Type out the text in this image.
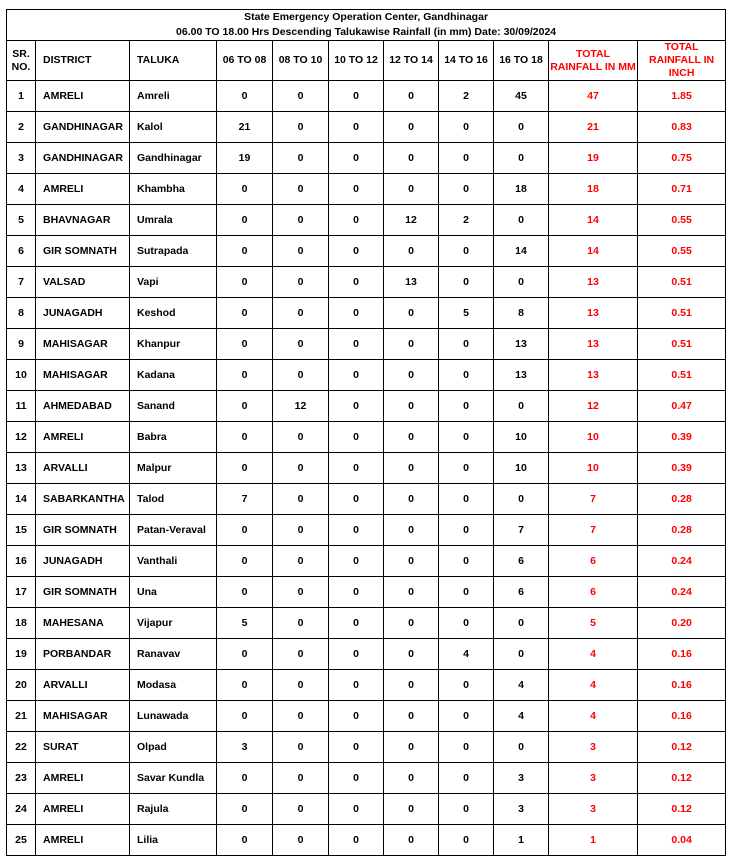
State Emergency Operation Center, Gandhinagar										
06.00 TO 18.00 Hrs Descending Talukawise Rainfall (in mm) Date: 30/09/2024										
SR. NO.	DISTRICT	TALUKA	06 TO 08	08 TO 10	10 TO 12	12 TO 14	14 TO 16	16 TO 18	TOTAL RAINFALL IN MM	TOTAL RAINFALL IN INCH
1	AMRELI	Amreli	0	0	0	0	2	45	47	1.85
2	GANDHINAGAR	Kalol	21	0	0	0	0	0	21	0.83
3	GANDHINAGAR	Gandhinagar	19	0	0	0	0	0	19	0.75
4	AMRELI	Khambha	0	0	0	0	0	18	18	0.71
5	BHAVNAGAR	Umrala	0	0	0	12	2	0	14	0.55
6	GIR SOMNATH	Sutrapada	0	0	0	0	0	14	14	0.55
7	VALSAD	Vapi	0	0	0	13	0	0	13	0.51
8	JUNAGADH	Keshod	0	0	0	0	5	8	13	0.51
9	MAHISAGAR	Khanpur	0	0	0	0	0	13	13	0.51
10	MAHISAGAR	Kadana	0	0	0	0	0	13	13	0.51
11	AHMEDABAD	Sanand	0	12	0	0	0	0	12	0.47
12	AMRELI	Babra	0	0	0	0	0	10	10	0.39
13	ARVALLI	Malpur	0	0	0	0	0	10	10	0.39
14	SABARKANTHA	Talod	7	0	0	0	0	0	7	0.28
15	GIR SOMNATH	Patan-Veraval	0	0	0	0	0	7	7	0.28
16	JUNAGADH	Vanthali	0	0	0	0	0	6	6	0.24
17	GIR SOMNATH	Una	0	0	0	0	0	6	6	0.24
18	MAHESANA	Vijapur	5	0	0	0	0	0	5	0.20
19	PORBANDAR	Ranavav	0	0	0	0	4	0	4	0.16
20	ARVALLI	Modasa	0	0	0	0	0	4	4	0.16
21	MAHISAGAR	Lunawada	0	0	0	0	0	4	4	0.16
22	SURAT	Olpad	3	0	0	0	0	0	3	0.12
23	AMRELI	Savar Kundla	0	0	0	0	0	3	3	0.12
24	AMRELI	Rajula	0	0	0	0	0	3	3	0.12
25	AMRELI	Lilia	0	0	0	0	0	1	1	0.04
